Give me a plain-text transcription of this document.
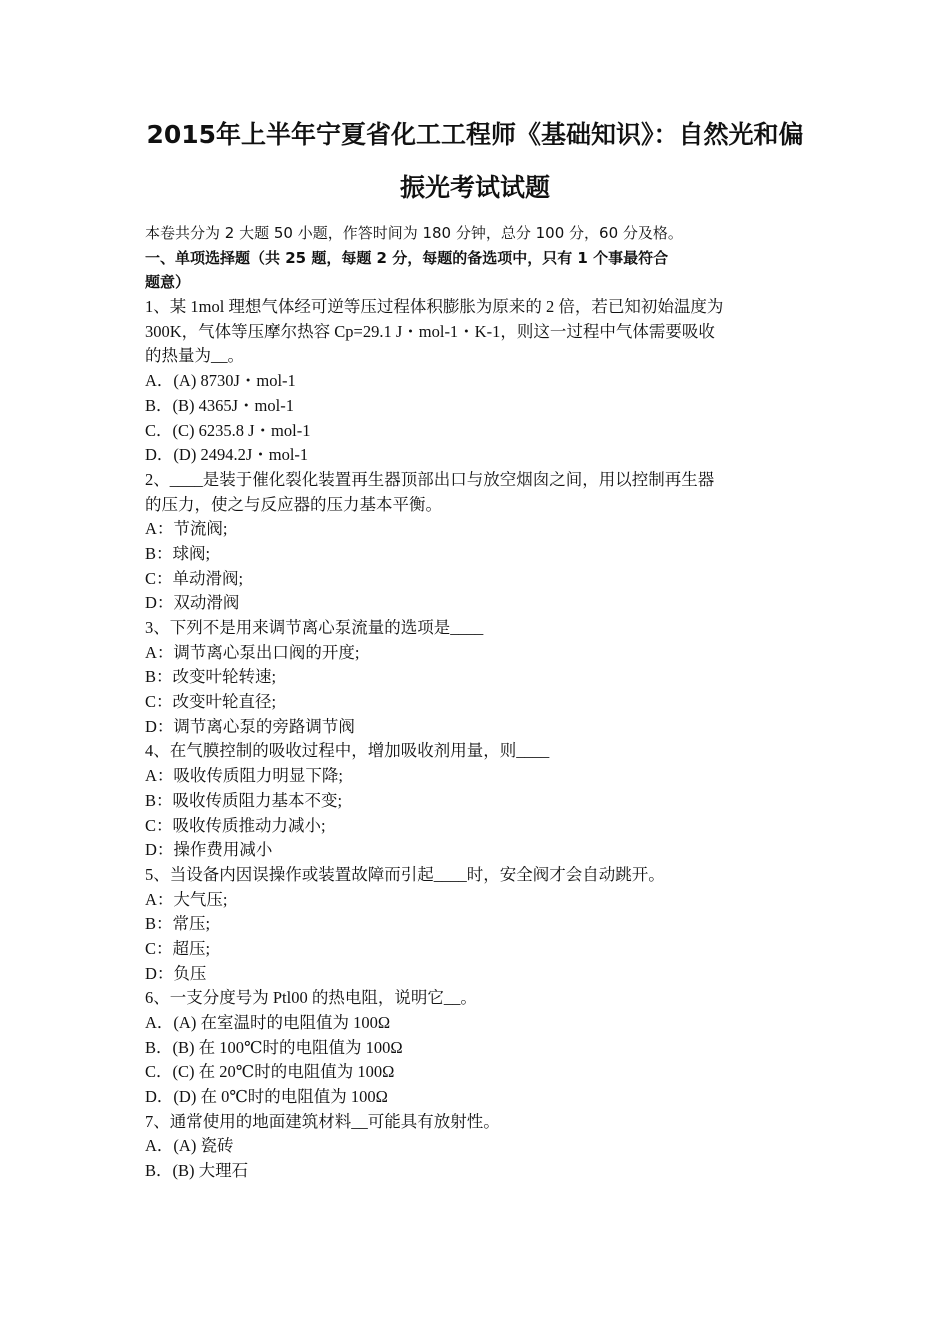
2015年上半年宁夏省化工工程师《基础知识》：自然光和偏
振光考试试题
本卷共分为 2 大题 50 小题，作答时间为 180 分钟，总分 100 分，60 分及格。
一、单项选择题（共 25 题，每题 2 分，每题的备选项中，只有 1 个事最符合
题意）
1、某 1mol 理想气体经可逆等压过程体积膨胀为原来的 2 倍，若已知初始温度为
300K，气体等压摩尔热容 Cp=29.1 J・mol-1・K-1，则这一过程中气体需要吸收
的热量为__。
A．(A) 8730J・mol-1
B．(B) 4365J・mol-1
C．(C) 6235.8 J・mol-1
D．(D) 2494.2J・mol-1
2、____是装于催化裂化装置再生器顶部出口与放空烟囱之间，用以控制再生器
的压力，使之与反应器的压力基本平衡。
A：节流阀;
B：球阀;
C：单动滑阀;
D：双动滑阀
3、下列不是用来调节离心泵流量的选项是____
A：调节离心泵出口阀的开度;
B：改变叶轮转速;
C：改变叶轮直径;
D：调节离心泵的旁路调节阀
4、在气膜控制的吸收过程中，增加吸收剂用量，则____
A：吸收传质阻力明显下降;
B：吸收传质阻力基本不变;
C：吸收传质推动力减小;
D：操作费用减小
5、当设备内因误操作或装置故障而引起____时，安全阀才会自动跳开。
A：大气压;
B：常压;
C：超压;
D：负压
6、一支分度号为 Ptl00 的热电阻，说明它__。
A．(A) 在室温时的电阻值为 100Ω
B．(B) 在 100℃时的电阻值为 100Ω
C．(C) 在 20℃时的电阻值为 100Ω
D．(D) 在 0℃时的电阻值为 100Ω
7、通常使用的地面建筑材料__可能具有放射性。
A．(A) 瓷砖
B．(B) 大理石
